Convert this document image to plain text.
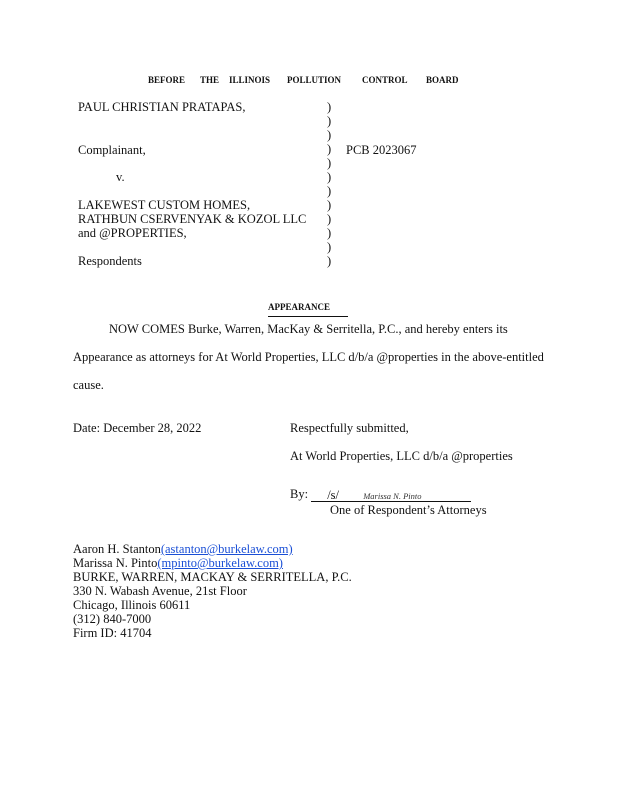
BEFORE THE ILLINOIS POLLUTION CONTROL BOARD
PAUL CHRISTIAN PRATAPAS,
Complainant,
v.
LAKEWEST CUSTOM HOMES,
RATHBUN CSERVENYAK & KOZOL LLC
and @PROPERTIES,
Respondents
PCB 2023067
)
)
)
)
)
)
)
)
)
)
)
)
APPEARANCE
NOW COMES Burke, Warren, MacKay & Serritella, P.C., and hereby enters its
Appearance as attorneys for At World Properties, LLC d/b/a @properties in the above-entitled
cause.
Date: December 28, 2022	Respectfully submitted,
At World Properties, LLC d/b/a @properties
By: /s/	Marissa N. Pinto
One of Respondent’s Attorneys
Aaron H. Stanton(astanton@burkelaw.com)
Marissa N. Pinto(mpinto@burkelaw.com)
BURKE, WARREN, MACKAY & SERRITELLA, P.C.
330 N. Wabash Avenue, 21st Floor
Chicago, Illinois 60611
(312) 840-7000
Firm ID: 41704
